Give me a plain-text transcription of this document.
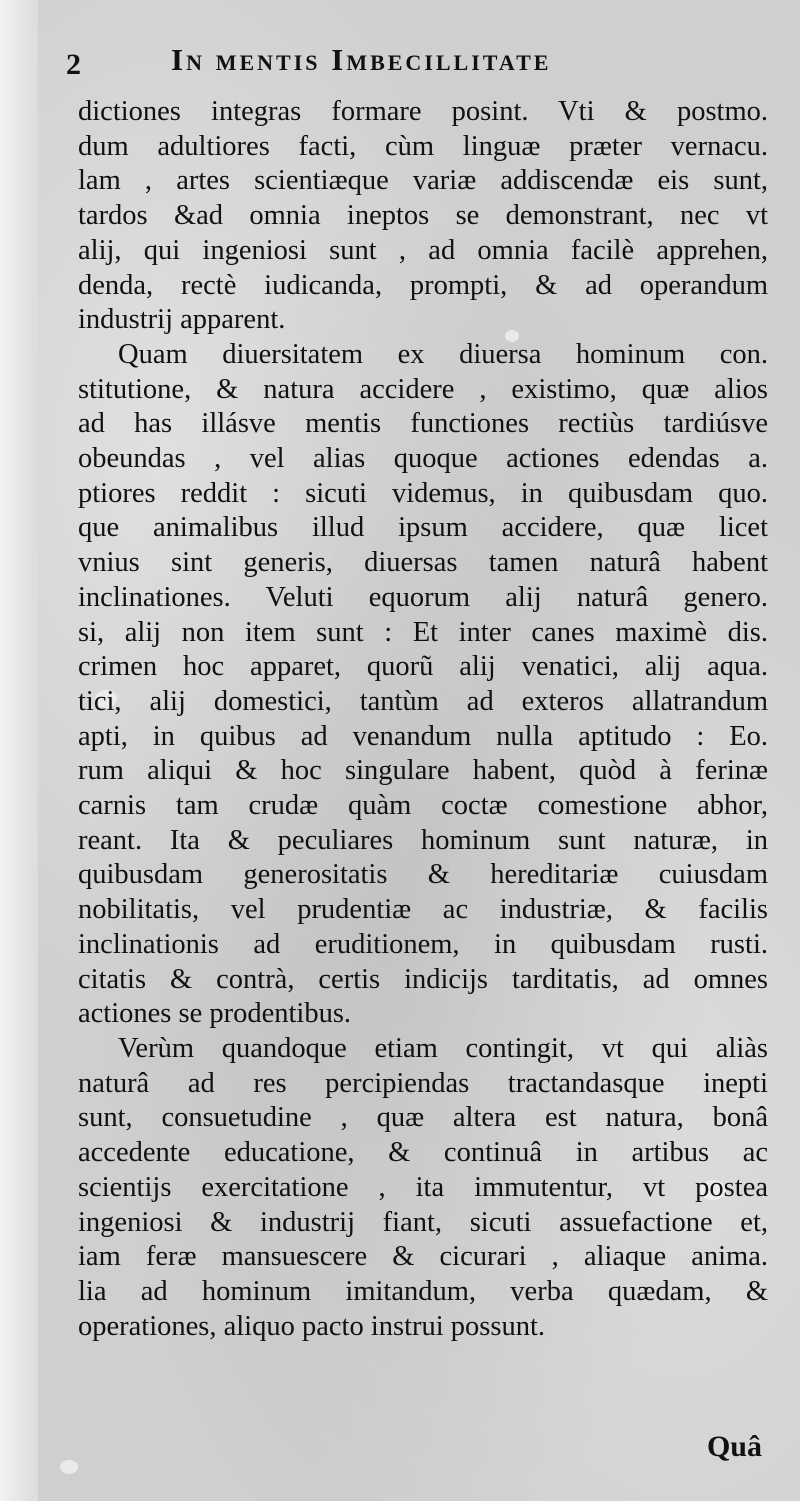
2	In mentis Imbecillitate
dictiones integras formare posint. Vti & postmo.
dum adultiores facti, cùm linguæ præter vernacu.
lam , artes scientiæque variæ addiscendæ eis sunt,
tardos &ad omnia ineptos se demonstrant, nec vt
alij, qui ingeniosi sunt , ad omnia facilè apprehen,
denda, rectè iudicanda, prompti, & ad operandum
industrij apparent.
Quam diuersitatem ex diuersa hominum con.
stitutione, & natura accidere , existimo, quæ alios
ad has illásve mentis functiones rectiùs tardiúsve
obeundas , vel alias quoque actiones edendas a.
ptiores reddit : sicuti videmus, in quibusdam quo.
que animalibus illud ipsum accidere, quæ licet
vnius sint generis, diuersas tamen naturâ habent
inclinationes. Veluti equorum alij naturâ genero.
si, alij non item sunt : Et inter canes maximè dis.
crimen hoc apparet, quorũ alij venatici, alij aqua.
tici, alij domestici, tantùm ad exteros allatrandum
apti, in quibus ad venandum nulla aptitudo : Eo.
rum aliqui & hoc singulare habent, quòd à ferinæ
carnis tam crudæ quàm coctæ comestione abhor,
reant. Ita & peculiares hominum sunt naturæ, in
quibusdam generositatis & hereditariæ cuiusdam
nobilitatis, vel prudentiæ ac industriæ, & facilis
inclinationis ad eruditionem, in quibusdam rusti.
citatis & contrà, certis indicijs tarditatis, ad omnes
actiones se prodentibus.
Verùm quandoque etiam contingit, vt qui aliàs
naturâ ad res percipiendas tractandasque inepti
sunt, consuetudine , quæ altera est natura, bonâ
accedente educatione, & continuâ in artibus ac
scientijs exercitatione , ita immutentur, vt postea
ingeniosi & industrij fiant, sicuti assuefactione et,
iam feræ mansuescere & cicurari , aliaque anima.
lia ad hominum imitandum, verba quædam, &
operationes, aliquo pacto instrui possunt.
Quâ
